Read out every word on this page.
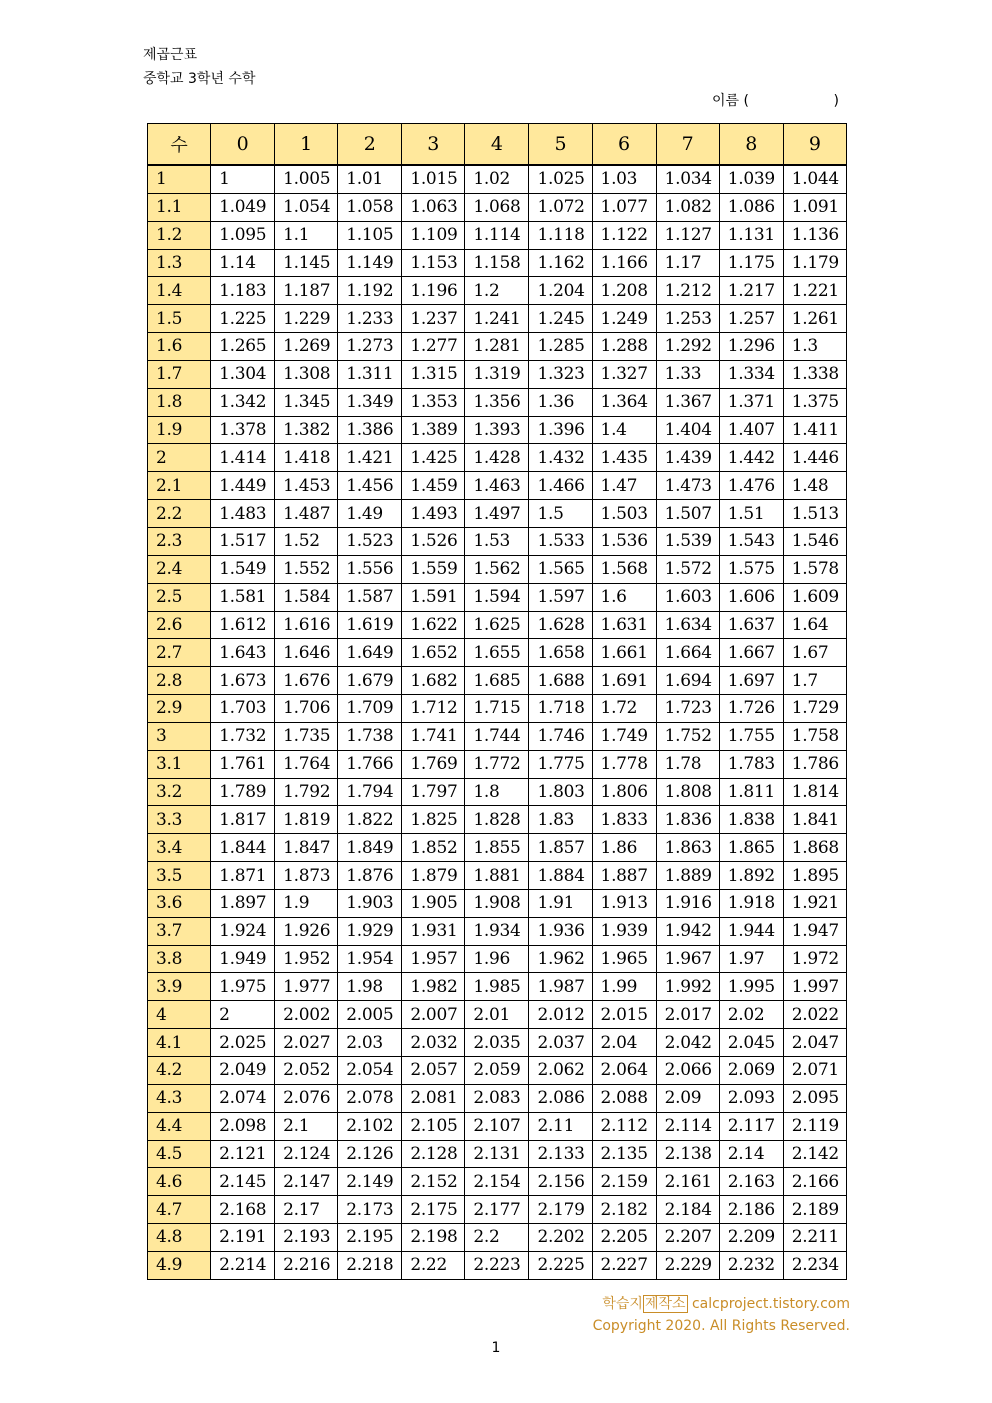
제곱근표
중학교 3학년 수학
이름 (	)
수	0	1	2	3	4	5	6	7	8	9
1	1	1.005	1.01	1.015	1.02	1.025	1.03	1.034	1.039	1.044
1.1	1.049	1.054	1.058	1.063	1.068	1.072	1.077	1.082	1.086	1.091
1.2	1.095	1.1	1.105	1.109	1.114	1.118	1.122	1.127	1.131	1.136
1.3	1.14	1.145	1.149	1.153	1.158	1.162	1.166	1.17	1.175	1.179
1.4	1.183	1.187	1.192	1.196	1.2	1.204	1.208	1.212	1.217	1.221
1.5	1.225	1.229	1.233	1.237	1.241	1.245	1.249	1.253	1.257	1.261
1.6	1.265	1.269	1.273	1.277	1.281	1.285	1.288	1.292	1.296	1.3
1.7	1.304	1.308	1.311	1.315	1.319	1.323	1.327	1.33	1.334	1.338
1.8	1.342	1.345	1.349	1.353	1.356	1.36	1.364	1.367	1.371	1.375
1.9	1.378	1.382	1.386	1.389	1.393	1.396	1.4	1.404	1.407	1.411
2	1.414	1.418	1.421	1.425	1.428	1.432	1.435	1.439	1.442	1.446
2.1	1.449	1.453	1.456	1.459	1.463	1.466	1.47	1.473	1.476	1.48
2.2	1.483	1.487	1.49	1.493	1.497	1.5	1.503	1.507	1.51	1.513
2.3	1.517	1.52	1.523	1.526	1.53	1.533	1.536	1.539	1.543	1.546
2.4	1.549	1.552	1.556	1.559	1.562	1.565	1.568	1.572	1.575	1.578
2.5	1.581	1.584	1.587	1.591	1.594	1.597	1.6	1.603	1.606	1.609
2.6	1.612	1.616	1.619	1.622	1.625	1.628	1.631	1.634	1.637	1.64
2.7	1.643	1.646	1.649	1.652	1.655	1.658	1.661	1.664	1.667	1.67
2.8	1.673	1.676	1.679	1.682	1.685	1.688	1.691	1.694	1.697	1.7
2.9	1.703	1.706	1.709	1.712	1.715	1.718	1.72	1.723	1.726	1.729
3	1.732	1.735	1.738	1.741	1.744	1.746	1.749	1.752	1.755	1.758
3.1	1.761	1.764	1.766	1.769	1.772	1.775	1.778	1.78	1.783	1.786
3.2	1.789	1.792	1.794	1.797	1.8	1.803	1.806	1.808	1.811	1.814
3.3	1.817	1.819	1.822	1.825	1.828	1.83	1.833	1.836	1.838	1.841
3.4	1.844	1.847	1.849	1.852	1.855	1.857	1.86	1.863	1.865	1.868
3.5	1.871	1.873	1.876	1.879	1.881	1.884	1.887	1.889	1.892	1.895
3.6	1.897	1.9	1.903	1.905	1.908	1.91	1.913	1.916	1.918	1.921
3.7	1.924	1.926	1.929	1.931	1.934	1.936	1.939	1.942	1.944	1.947
3.8	1.949	1.952	1.954	1.957	1.96	1.962	1.965	1.967	1.97	1.972
3.9	1.975	1.977	1.98	1.982	1.985	1.987	1.99	1.992	1.995	1.997
4	2	2.002	2.005	2.007	2.01	2.012	2.015	2.017	2.02	2.022
4.1	2.025	2.027	2.03	2.032	2.035	2.037	2.04	2.042	2.045	2.047
4.2	2.049	2.052	2.054	2.057	2.059	2.062	2.064	2.066	2.069	2.071
4.3	2.074	2.076	2.078	2.081	2.083	2.086	2.088	2.09	2.093	2.095
4.4	2.098	2.1	2.102	2.105	2.107	2.11	2.112	2.114	2.117	2.119
4.5	2.121	2.124	2.126	2.128	2.131	2.133	2.135	2.138	2.14	2.142
4.6	2.145	2.147	2.149	2.152	2.154	2.156	2.159	2.161	2.163	2.166
4.7	2.168	2.17	2.173	2.175	2.177	2.179	2.182	2.184	2.186	2.189
4.8	2.191	2.193	2.195	2.198	2.2	2.202	2.205	2.207	2.209	2.211
4.9	2.214	2.216	2.218	2.22	2.223	2.225	2.227	2.229	2.232	2.234
학습지 제작소 calcproject.tistory.com
Copyright 2020. All Rights Reserved.
1
